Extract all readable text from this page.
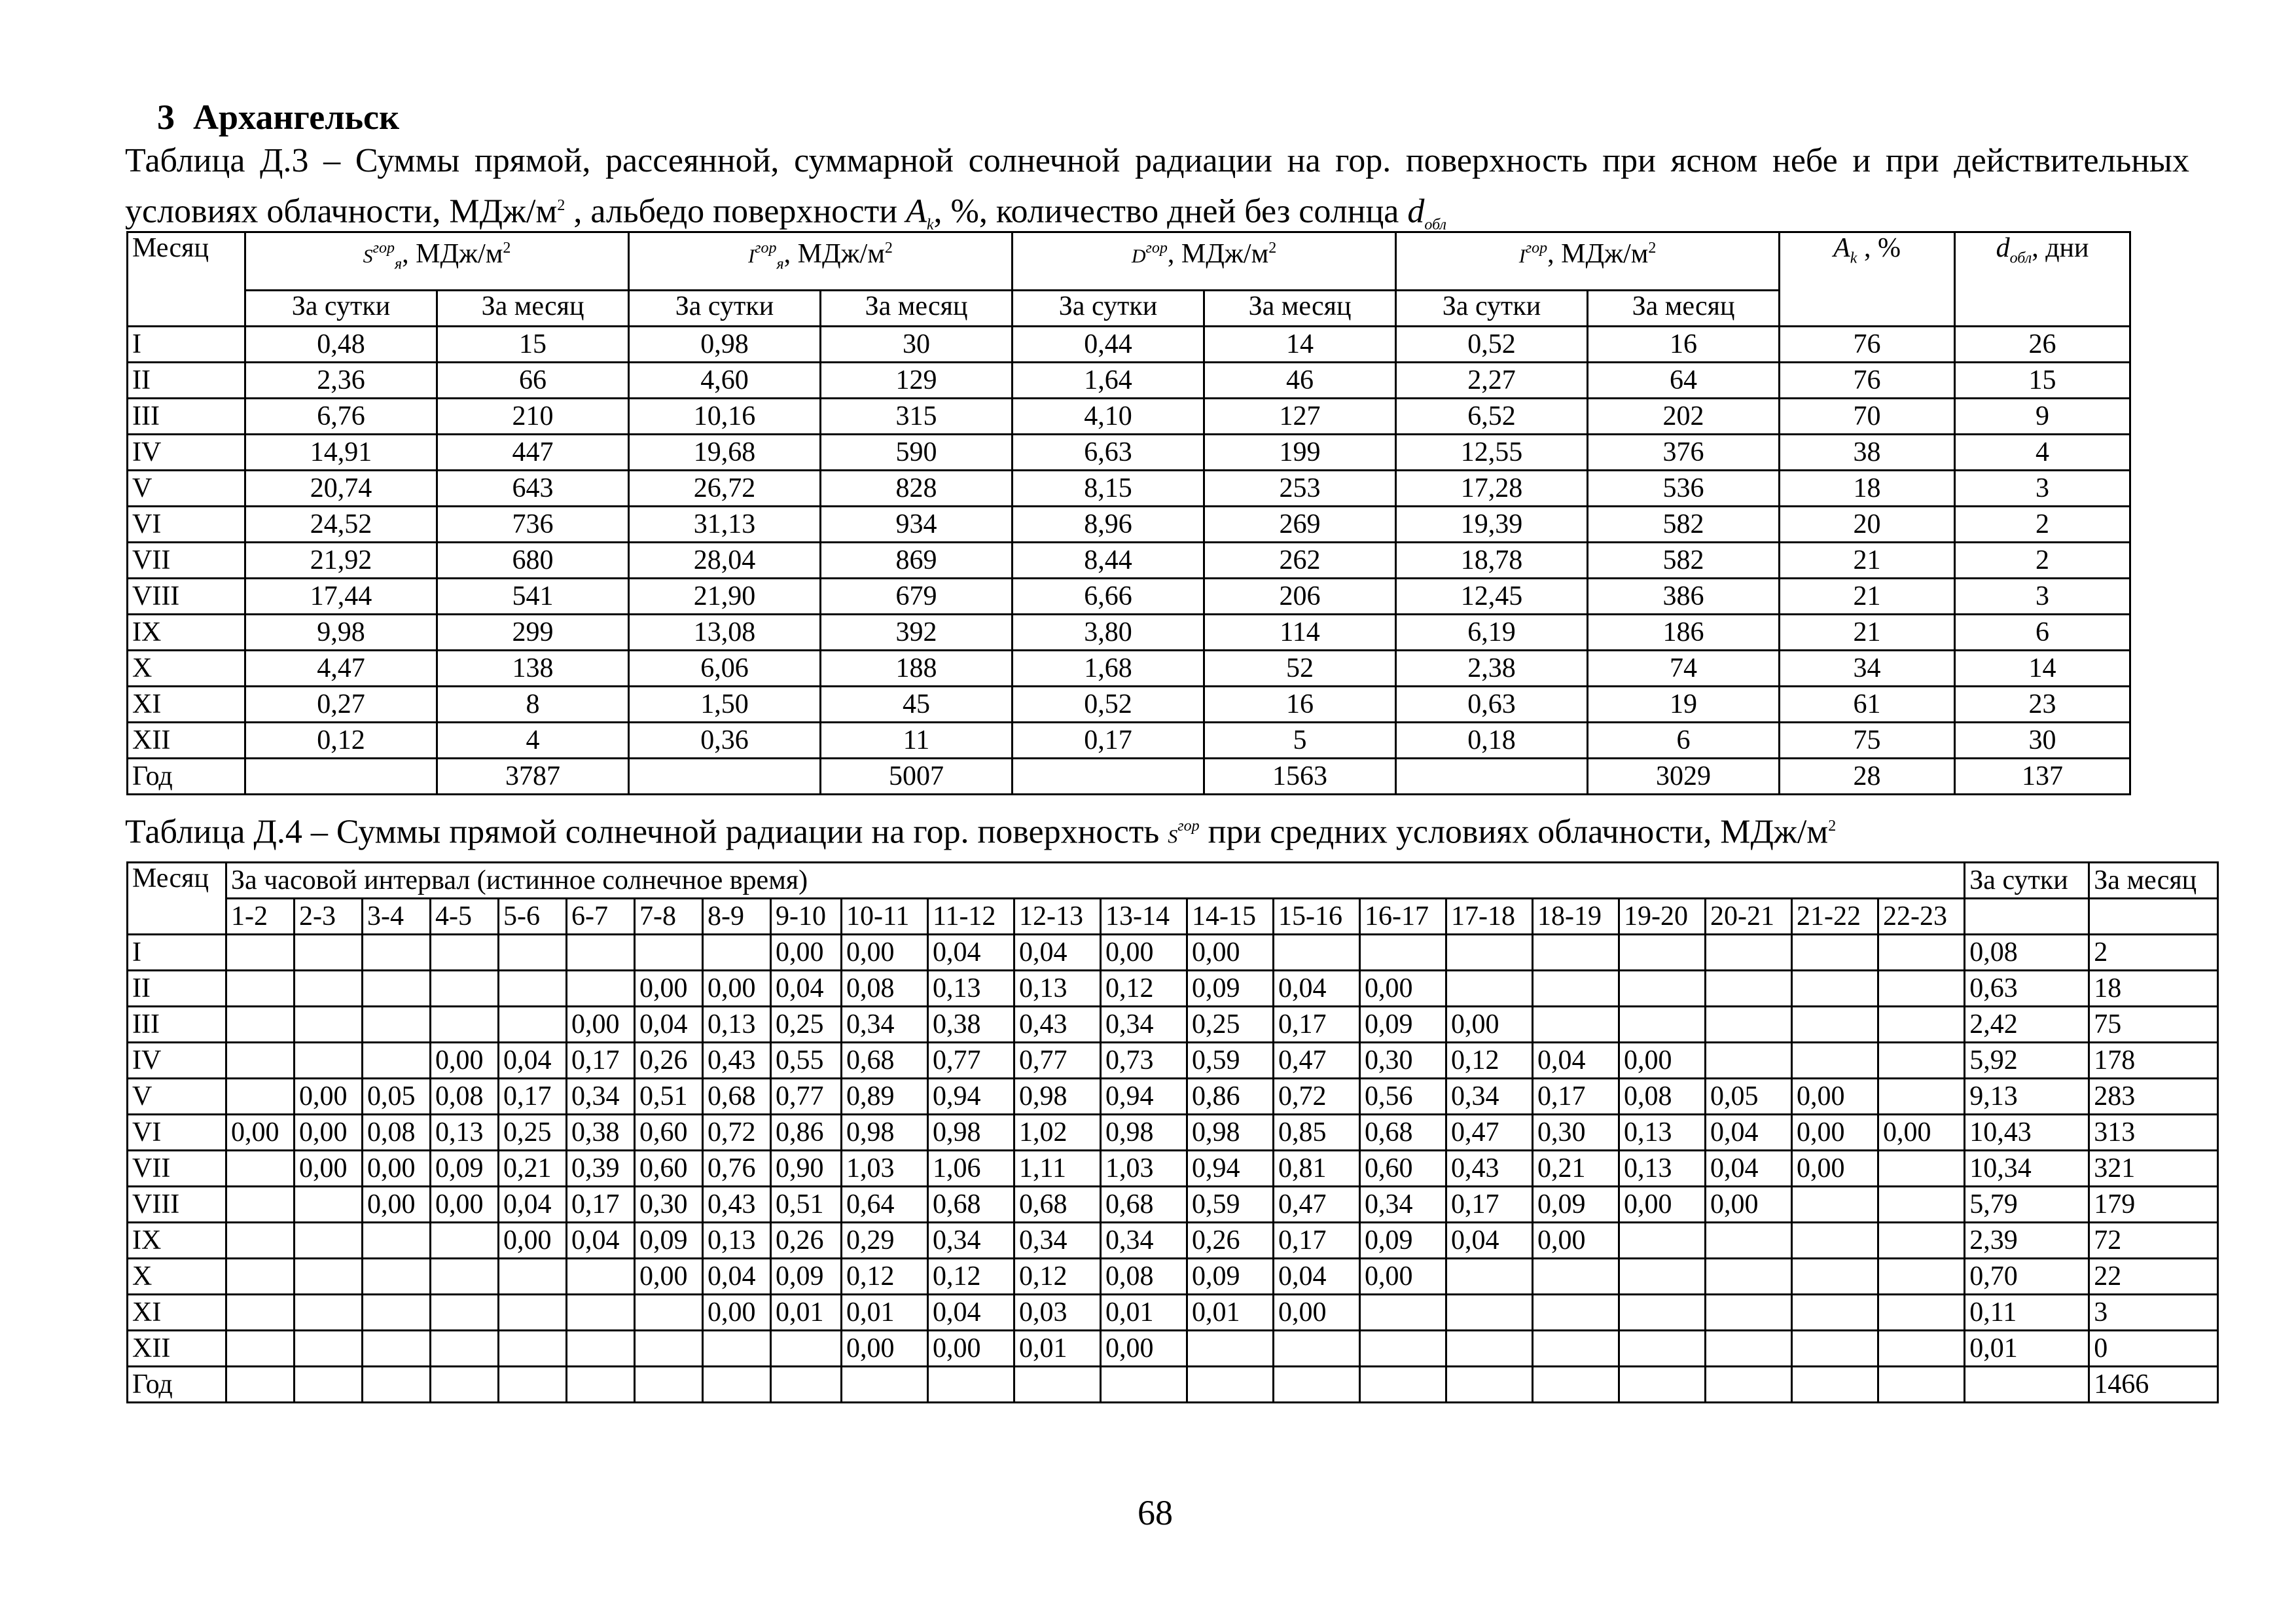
3 Архангельск
Таблица Д.3 – Суммы прямой, рассеянной, суммарной солнечной радиации на гор. поверхность при ясном небе и при действительных условиях облачности, МДж/$м^2$ , альбедо поверхности $A_k$, %, количество дней без солнца $d_{обл}$
Месяц	$S^{гор}_я$, МДж/$м^2$		$I^{гор}_я$, МДж/$м^2$		$D^{гор}$, МДж/$м^2$		$I^{гор}$, МДж/$м^2$		$A_k$ , %	$d_{обл}$, дни
	За сутки	За месяц	За сутки	За месяц	За сутки	За месяц	За сутки	За месяц		
I	0,48	15	0,98	30	0,44	14	0,52	16	76	26
II	2,36	66	4,60	129	1,64	46	2,27	64	76	15
III	6,76	210	10,16	315	4,10	127	6,52	202	70	9
IV	14,91	447	19,68	590	6,63	199	12,55	376	38	4
V	20,74	643	26,72	828	8,15	253	17,28	536	18	3
VI	24,52	736	31,13	934	8,96	269	19,39	582	20	2
VII	21,92	680	28,04	869	8,44	262	18,78	582	21	2
VIII	17,44	541	21,90	679	6,66	206	12,45	386	21	3
IX	9,98	299	13,08	392	3,80	114	6,19	186	21	6
X	4,47	138	6,06	188	1,68	52	2,38	74	34	14
XI	0,27	8	1,50	45	0,52	16	0,63	19	61	23
XII	0,12	4	0,36	11	0,17	5	0,18	6	75	30
Год		3787		5007		1563		3029	28	137
Таблица Д.4 – Суммы прямой солнечной радиации на гор. поверхность $S^{гор}$ при средних условиях облачности, МДж/$м^2$
Месяц	За часовой интервал (истинное солнечное время)																						За сутки	За месяц
	1-2	2-3	3-4	4-5	5-6	6-7	7-8	8-9	9-10	10-11	11-12	12-13	13-14	14-15	15-16	16-17	17-18	18-19	19-20	20-21	21-22	22-23		
I									0,00	0,00	0,04	0,04	0,00	0,00									0,08	2
II							0,00	0,00	0,04	0,08	0,13	0,13	0,12	0,09	0,04	0,00							0,63	18
III						0,00	0,04	0,13	0,25	0,34	0,38	0,43	0,34	0,25	0,17	0,09	0,00						2,42	75
IV				0,00	0,04	0,17	0,26	0,43	0,55	0,68	0,77	0,77	0,73	0,59	0,47	0,30	0,12	0,04	0,00				5,92	178
V		0,00	0,05	0,08	0,17	0,34	0,51	0,68	0,77	0,89	0,94	0,98	0,94	0,86	0,72	0,56	0,34	0,17	0,08	0,05	0,00		9,13	283
VI	0,00	0,00	0,08	0,13	0,25	0,38	0,60	0,72	0,86	0,98	0,98	1,02	0,98	0,98	0,85	0,68	0,47	0,30	0,13	0,04	0,00	0,00	10,43	313
VII		0,00	0,00	0,09	0,21	0,39	0,60	0,76	0,90	1,03	1,06	1,11	1,03	0,94	0,81	0,60	0,43	0,21	0,13	0,04	0,00		10,34	321
VIII			0,00	0,00	0,04	0,17	0,30	0,43	0,51	0,64	0,68	0,68	0,68	0,59	0,47	0,34	0,17	0,09	0,00	0,00			5,79	179
IX					0,00	0,04	0,09	0,13	0,26	0,29	0,34	0,34	0,34	0,26	0,17	0,09	0,04	0,00					2,39	72
X							0,00	0,04	0,09	0,12	0,12	0,12	0,08	0,09	0,04	0,00							0,70	22
XI								0,00	0,01	0,01	0,04	0,03	0,01	0,01	0,00								0,11	3
XII										0,00	0,00	0,01	0,00										0,01	0
Год																								1466
68
